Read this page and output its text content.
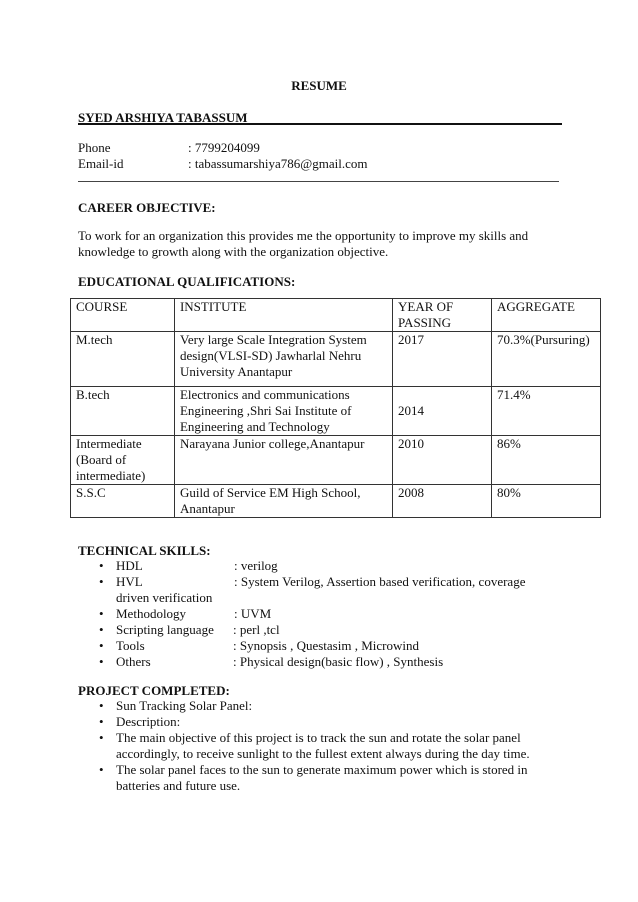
RESUME
SYED ARSHIYA TABASSUM
Phone	: 7799204099
Email-id	: tabassumarshiya786@gmail.com
CAREER OBJECTIVE:
To work for an organization this provides me the opportunity to improve my skills and knowledge to growth along with the organization objective.
EDUCATIONAL QUALIFICATIONS:
COURSE	INSTITUTE	YEAR OF PASSING	AGGREGATE
M.tech	Very large Scale Integration System design(VLSI-SD) Jawharlal Nehru University Anantapur	2017	70.3%(Pursuring)
B.tech	Electronics and communications Engineering ,Shri Sai Institute of Engineering and Technology	2014	71.4%
Intermediate (Board of intermediate)	Narayana Junior college,Anantapur	2010	86%
S.S.C	Guild of Service EM High School, Anantapur	2008	80%
TECHNICAL SKILLS:
• HDL	: verilog
• HVL	: System Verilog, Assertion based verification, coverage driven verification
• Methodology	: UVM
• Scripting language : perl ,tcl
• Tools	: Synopsis , Questasim , Microwind
• Others	: Physical design(basic flow) , Synthesis
PROJECT COMPLETED:
• Sun Tracking Solar Panel:
• Description:
• The main objective of this project is to track the sun and rotate the solar panel accordingly, to receive sunlight to the fullest extent always during the day time.
• The solar panel faces to the sun to generate maximum power which is stored in batteries and future use.
